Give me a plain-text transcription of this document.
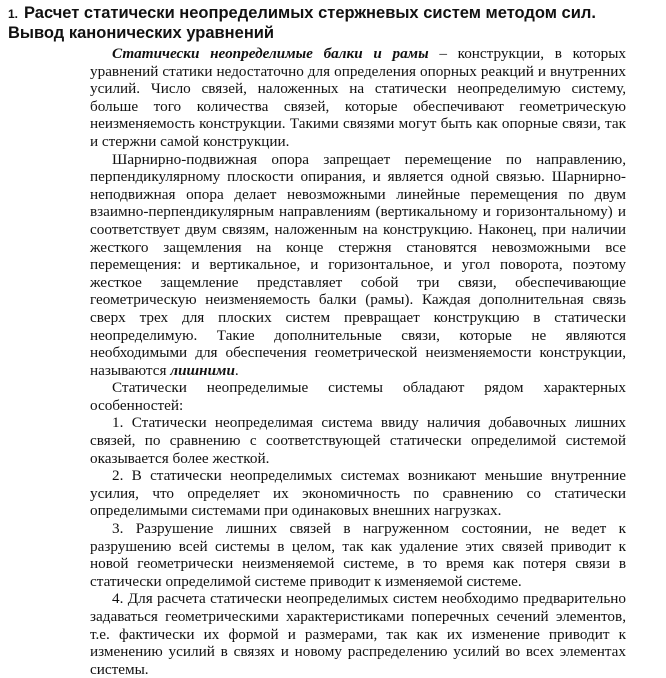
1. Расчет статически неопределимых стержневых систем методом сил. Вывод канонических уравнений

Статически неопределимые балки и рамы – конструкции, в которых уравнений статики недостаточно для определения опорных реакций и внутренних усилий. Число связей, наложенных на статически неопределимую систему, больше того количества связей, которые обеспечивают геометрическую неизменяемость конструкции. Такими связями могут быть как опорные связи, так и стержни самой конструкции.

Шарнирно-подвижная опора запрещает перемещение по направлению, перпендикулярному плоскости опирания, и является одной связью. Шарнирно-неподвижная опора делает невозможными линейные перемещения по двум взаимно-перпендикулярным направлениям (вертикальному и горизонтальному) и соответствует двум связям, наложенным на конструкцию. Наконец, при наличии жесткого защемления на конце стержня становятся невозможными все перемещения: и вертикальное, и горизонтальное, и угол поворота, поэтому жесткое защемление представляет собой три связи, обеспечивающие геометрическую неизменяемость балки (рамы). Каждая дополнительная связь сверх трех для плоских систем превращает конструкцию в статически неопределимую. Такие дополнительные связи, которые не являются необходимыми для обеспечения геометрической неизменяемости конструкции, называются лишними.

Статически неопределимые системы обладают рядом характерных особенностей:

1. Статически неопределимая система ввиду наличия добавочных лишних связей, по сравнению с соответствующей статически определимой системой оказывается более жесткой.

2. В статически неопределимых системах возникают меньшие внутренние усилия, что определяет их экономичность по сравнению со статически определимыми системами при одинаковых внешних нагрузках.

3. Разрушение лишних связей в нагруженном состоянии, не ведет к разрушению всей системы в целом, так как удаление этих связей приводит к новой геометрически неизменяемой системе, в то время как потеря связи в статически определимой системе приводит к изменяемой системе.

4. Для расчета статически неопределимых систем необходимо предварительно задаваться геометрическими характеристиками поперечных сечений элементов, т.е. фактически их формой и размерами, так как их изменение приводит к изменению усилий в связях и новому распределению усилий во всех элементах системы.
